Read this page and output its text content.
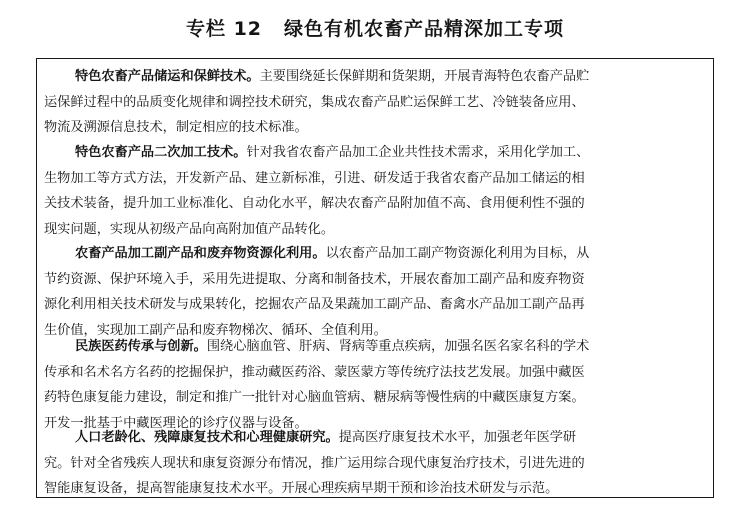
专栏 12 绿色有机农畜产品精深加工专项
特色农畜产品储运和保鲜技术。主要围绕延长保鲜期和货架期，开展青海特色农畜产品贮
运保鲜过程中的品质变化规律和调控技术研究，集成农畜产品贮运保鲜工艺、冷链装备应用、
物流及溯源信息技术，制定相应的技术标准。
特色农畜产品二次加工技术。针对我省农畜产品加工企业共性技术需求，采用化学加工、
生物加工等方式方法，开发新产品、建立新标准，引进、研发适于我省农畜产品加工储运的相
关技术装备，提升加工业标准化、自动化水平，解决农畜产品附加值不高、食用便利性不强的
现实问题，实现从初级产品向高附加值产品转化。
农畜产品加工副产品和废弃物资源化利用。以农畜产品加工副产物资源化利用为目标，从
节约资源、保护环境入手，采用先进提取、分离和制备技术，开展农畜加工副产品和废弃物资
源化利用相关技术研发与成果转化，挖掘农产品及果蔬加工副产品、畜禽水产品加工副产品再
生价值，实现加工副产品和废弃物梯次、循环、全值利用。
民族医药传承与创新。围绕心脑血管、肝病、肾病等重点疾病，加强名医名家名科的学术
传承和名术名方名药的挖掘保护，推动藏医药浴、蒙医蒙方等传统疗法技艺发展。加强中藏医
药特色康复能力建设，制定和推广一批针对心脑血管病、糖尿病等慢性病的中藏医康复方案。
开发一批基于中藏医理论的诊疗仪器与设备。
人口老龄化、残障康复技术和心理健康研究。提高医疗康复技术水平，加强老年医学研
究。针对全省残疾人现状和康复资源分布情况，推广运用综合现代康复治疗技术，引进先进的
智能康复设备，提高智能康复技术水平。开展心理疾病早期干预和诊治技术研发与示范。
